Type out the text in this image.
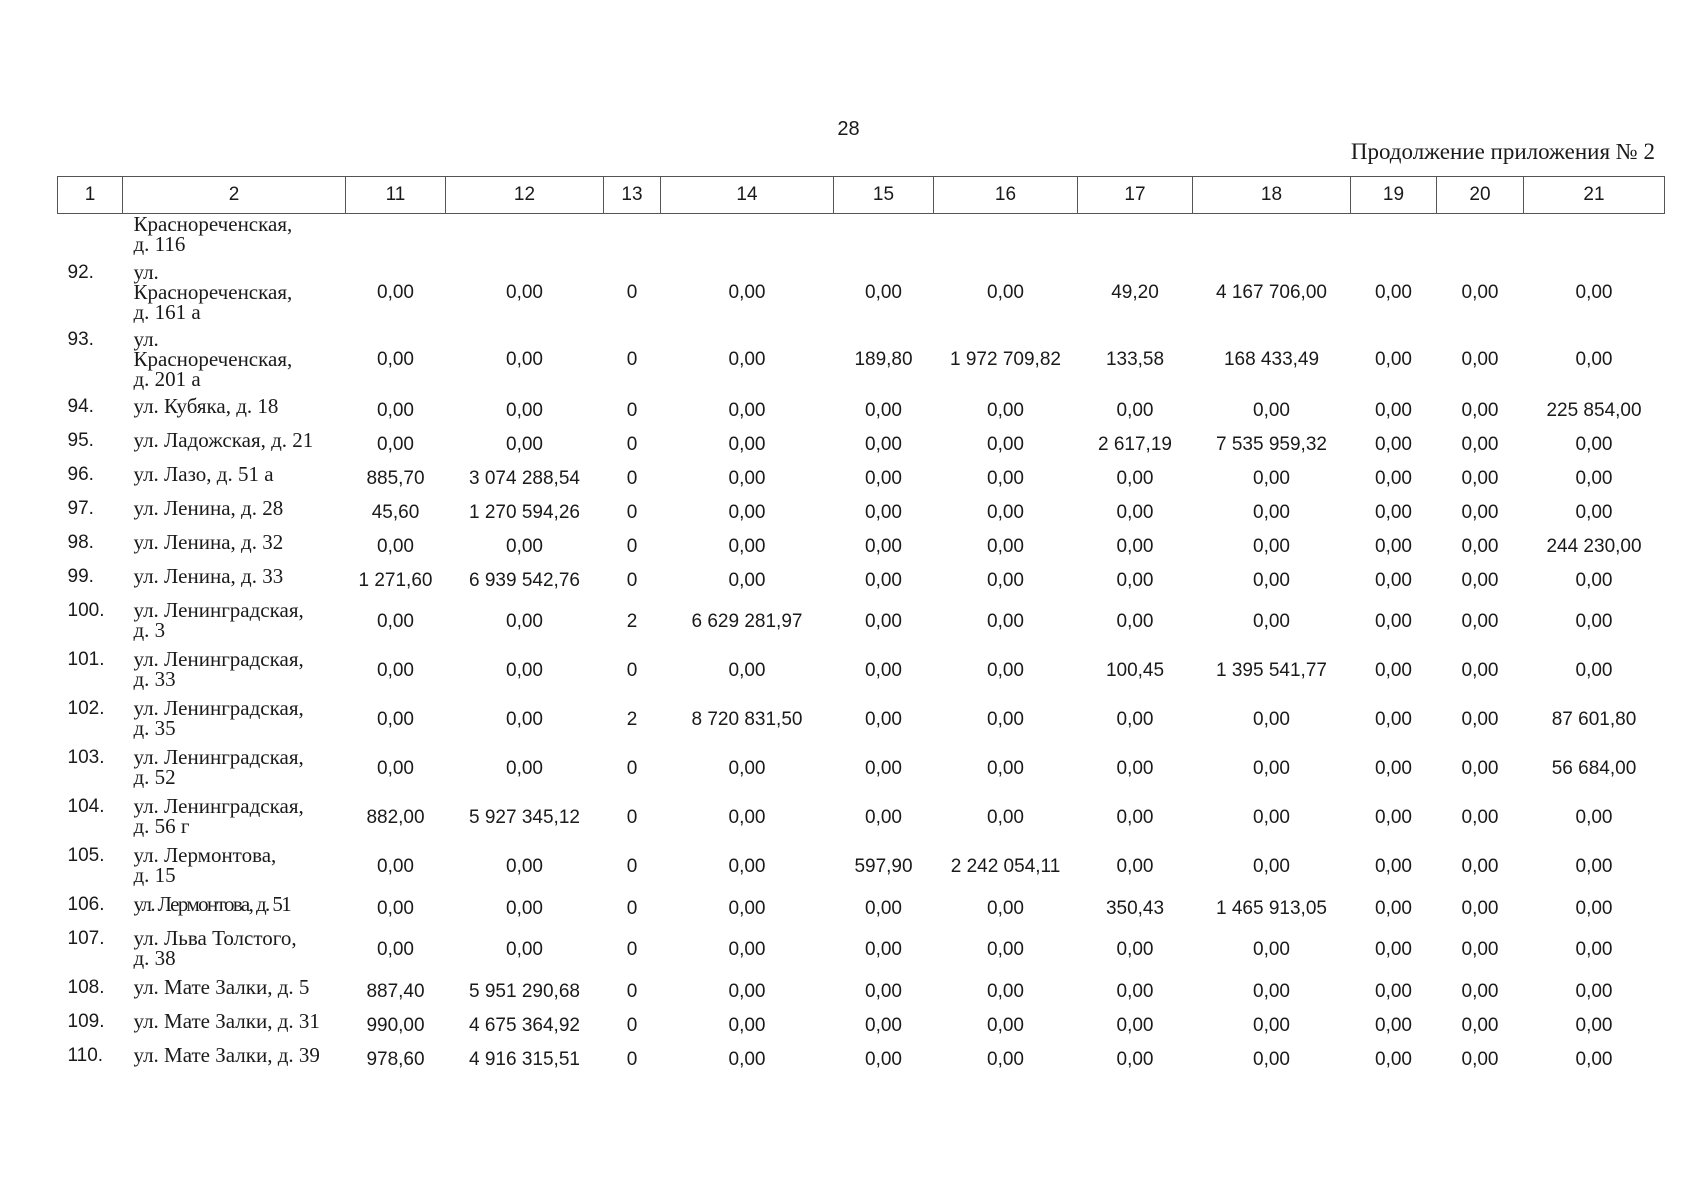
28
Продолжение приложения № 2
1	2	11	12	13	14	15	16	17	18	19	20	21

	Краснореченская,
д. 116											

92.	ул.
Краснореченская,
д. 161 а	0,00	0,00	0	0,00	0,00	0,00	49,20	4 167 706,00	0,00	0,00	0,00
93.	ул.
Краснореченская,
д. 201 а	0,00	0,00	0	0,00	189,80	1 972 709,82	133,58	168 433,49	0,00	0,00	0,00
94.	ул. Кубяка, д. 18	0,00	0,00	0	0,00	0,00	0,00	0,00	0,00	0,00	0,00	225 854,00
95.	ул. Ладожская, д. 21	0,00	0,00	0	0,00	0,00	0,00	2 617,19	7 535 959,32	0,00	0,00	0,00
96.	ул. Лазо, д. 51 а	885,70	3 074 288,54	0	0,00	0,00	0,00	0,00	0,00	0,00	0,00	0,00
97.	ул. Ленина, д. 28	45,60	1 270 594,26	0	0,00	0,00	0,00	0,00	0,00	0,00	0,00	0,00
98.	ул. Ленина, д. 32	0,00	0,00	0	0,00	0,00	0,00	0,00	0,00	0,00	0,00	244 230,00
99.	ул. Ленина, д. 33	1 271,60	6 939 542,76	0	0,00	0,00	0,00	0,00	0,00	0,00	0,00	0,00
100.	ул. Ленинградская,
д. 3	0,00	0,00	2	6 629 281,97	0,00	0,00	0,00	0,00	0,00	0,00	0,00
101.	ул. Ленинградская,
д. 33	0,00	0,00	0	0,00	0,00	0,00	100,45	1 395 541,77	0,00	0,00	0,00
102.	ул. Ленинградская,
д. 35	0,00	0,00	2	8 720 831,50	0,00	0,00	0,00	0,00	0,00	0,00	87 601,80
103.	ул. Ленинградская,
д. 52	0,00	0,00	0	0,00	0,00	0,00	0,00	0,00	0,00	0,00	56 684,00
104.	ул. Ленинградская,
д. 56 г	882,00	5 927 345,12	0	0,00	0,00	0,00	0,00	0,00	0,00	0,00	0,00
105.	ул. Лермонтова,
д. 15	0,00	0,00	0	0,00	597,90	2 242 054,11	0,00	0,00	0,00	0,00	0,00
106.	ул. Лермонтова, д. 51	0,00	0,00	0	0,00	0,00	0,00	350,43	1 465 913,05	0,00	0,00	0,00
107.	ул. Льва Толстого,
д. 38	0,00	0,00	0	0,00	0,00	0,00	0,00	0,00	0,00	0,00	0,00
108.	ул. Мате Залки, д. 5	887,40	5 951 290,68	0	0,00	0,00	0,00	0,00	0,00	0,00	0,00	0,00
109.	ул. Мате Залки, д. 31	990,00	4 675 364,92	0	0,00	0,00	0,00	0,00	0,00	0,00	0,00	0,00
110.	ул. Мате Залки, д. 39	978,60	4 916 315,51	0	0,00	0,00	0,00	0,00	0,00	0,00	0,00	0,00
